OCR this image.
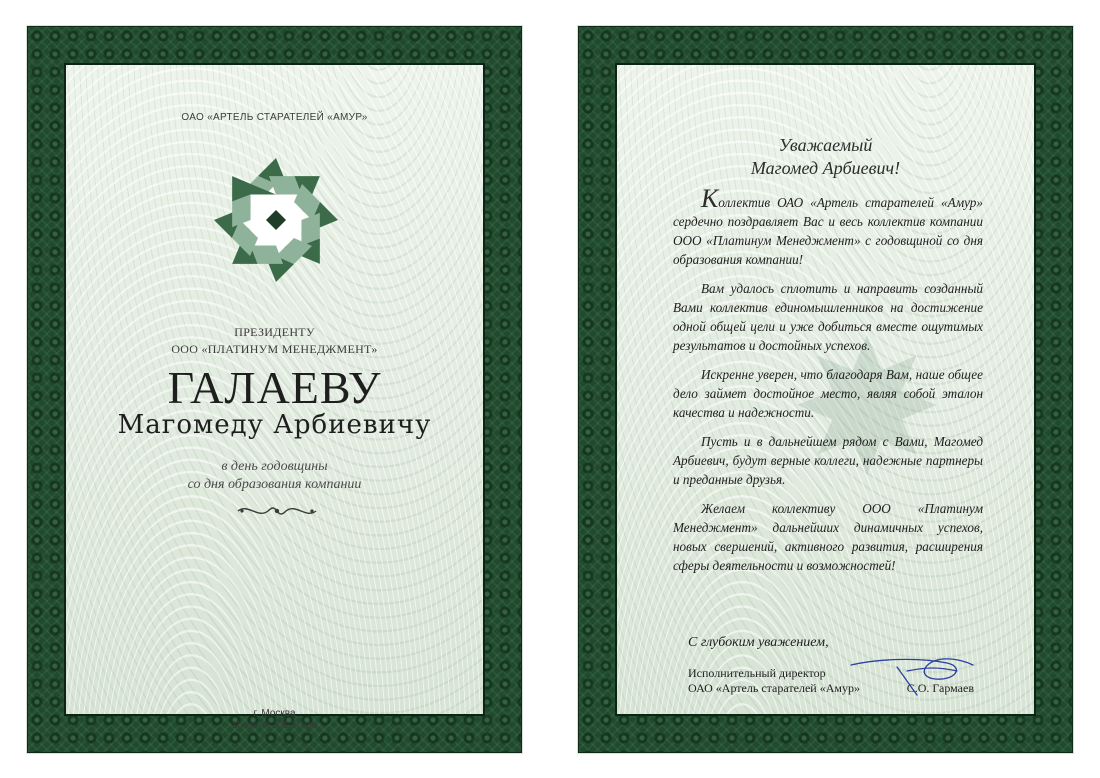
ОАО «АРТЕЛЬ СТАРАТЕЛЕЙ «АМУР»
ПРЕЗИДЕНТУ
ООО «ПЛАТИНУМ МЕНЕДЖМЕНТ»
ГАЛАЕВУ
Магомеду Арбиевичу
в день годовщины
со дня образования компании
г. Москва
15 июня 2012 года
Уважаемый
Магомед Арбиевич!

Коллектив ОАО «Артель старателей «Амур» сердечно поздравляет Вас и весь коллектив компании ООО «Платинум Менеджмент» с годовщиной со дня образования компании!

Вам удалось сплотить и направить созданный Вами коллектив единомышленников на достижение одной общей цели и уже добиться вместе ощутимых результатов и достойных успехов.

Искренне уверен, что благодаря Вам, наше общее дело займет достойное место, являя собой эталон качества и надежности.

Пусть и в дальнейшем рядом с Вами, Магомед Арбиевич, будут верные коллеги, надежные партнеры и преданные друзья.

Желаем коллективу ООО «Платинум Менеджмент» дальнейших динамичных успехов, новых свершений, активного развития, расширения сферы деятельности и возможностей!

С глубоким уважением,
Исполнительный директор
ОАО «Артель старателей «Амур»	С.О. Гармаев
